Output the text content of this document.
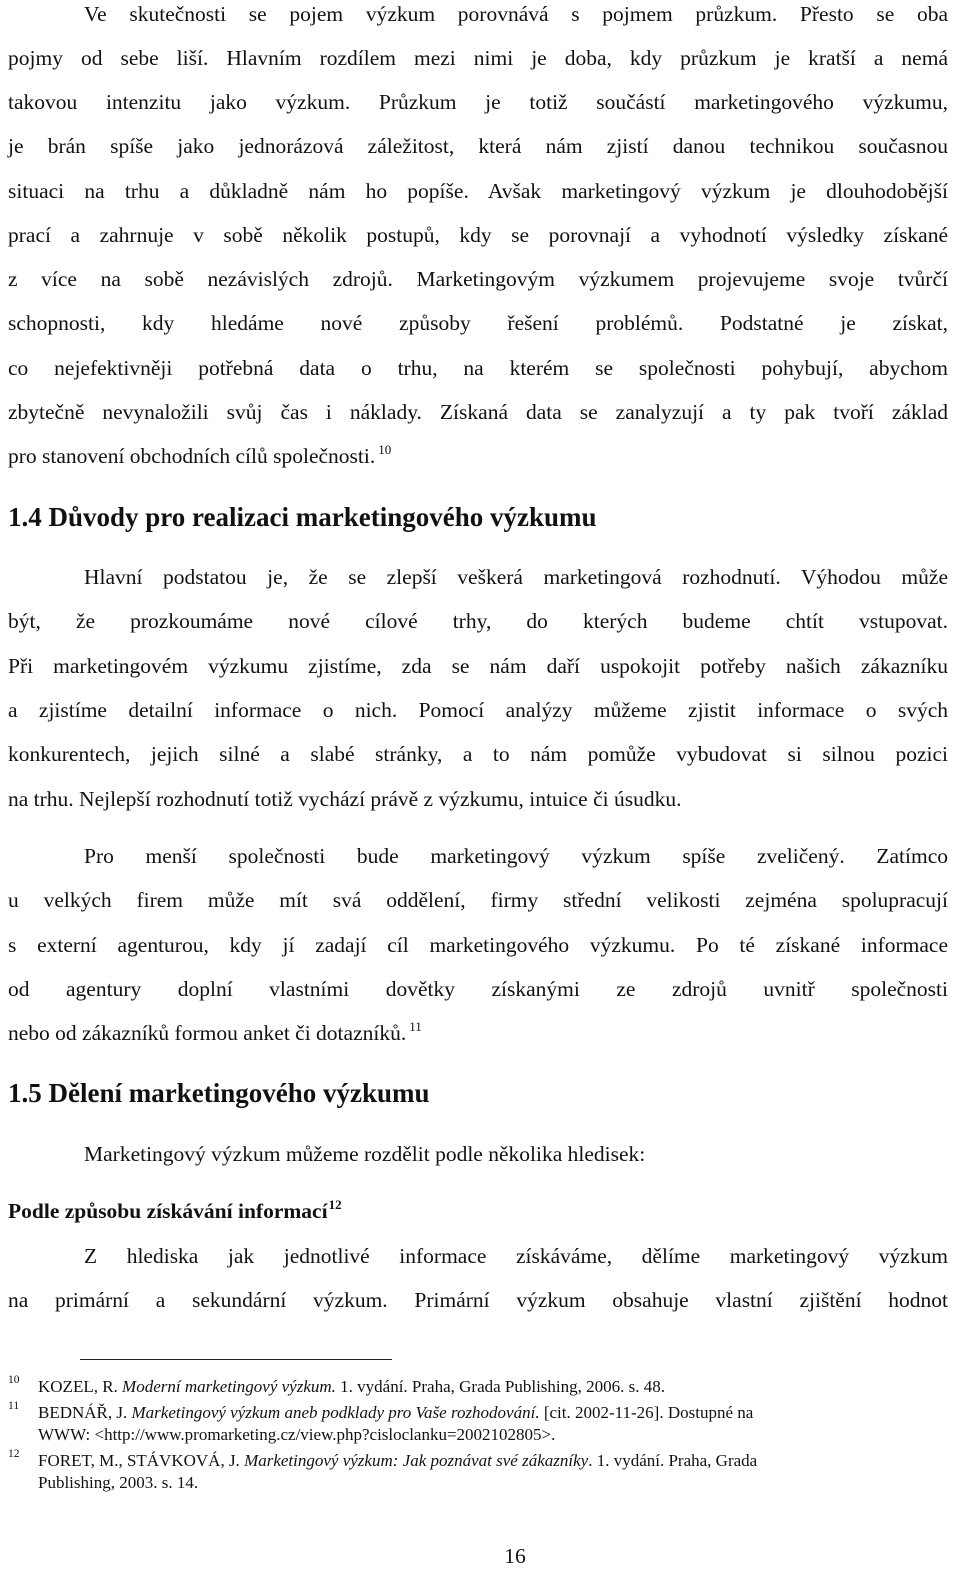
Ve skutečnosti se pojem výzkum porovnává s pojmem průzkum. Přesto se oba
pojmy od sebe liší. Hlavním rozdílem mezi nimi je doba, kdy průzkum je kratší a nemá
takovou intenzitu jako výzkum. Průzkum je totiž součástí marketingového výzkumu,
je brán spíše jako jednorázová záležitost, která nám zjistí danou technikou současnou
situaci na trhu a důkladně nám ho popíše. Avšak marketingový výzkum je dlouhodobější
prací a zahrnuje v sobě několik postupů, kdy se porovnají a vyhodnotí výsledky získané
z více na sobě nezávislých zdrojů. Marketingovým výzkumem projevujeme svoje tvůrčí
schopnosti, kdy hledáme nové způsoby řešení problémů. Podstatné je získat,
co nejefektivněji potřebná data o trhu, na kterém se společnosti pohybují, abychom
zbytečně nevynaložili svůj čas i náklady. Získaná data se zanalyzují a ty pak tvoří základ
pro stanovení obchodních cílů společnosti. $^{10}$
1.4 Důvody pro realizaci marketingového výzkumu
Hlavní podstatou je, že se zlepší veškerá marketingová rozhodnutí. Výhodou může
být, že prozkoumáme nové cílové trhy, do kterých budeme chtít vstupovat.
Při marketingovém výzkumu zjistíme, zda se nám daří uspokojit potřeby našich zákazníku
a zjistíme detailní informace o nich. Pomocí analýzy můžeme zjistit informace o svých
konkurentech, jejich silné a slabé stránky, a to nám pomůže vybudovat si silnou pozici
na trhu. Nejlepší rozhodnutí totiž vychází právě z výzkumu, intuice či úsudku.
Pro menší společnosti bude marketingový výzkum spíše zveličený. Zatímco
u velkých firem může mít svá oddělení, firmy střední velikosti zejména spolupracují
s externí agenturou, kdy jí zadají cíl marketingového výzkumu. Po té získané informace
od agentury doplní vlastními dovětky získanými ze zdrojů uvnitř společnosti
nebo od zákazníků formou anket či dotazníků. $^{11}$
1.5 Dělení marketingového výzkumu
Marketingový výzkum můžeme rozdělit podle několika hledisek:
Podle způsobu získávání informací$^{12}$
Z hlediska jak jednotlivé informace získáváme, dělíme marketingový výzkum
na primární a sekundární výzkum. Primární výzkum obsahuje vlastní zjištění hodnot
10 KOZEL, R. Moderní marketingový výzkum. 1. vydání. Praha, Grada Publishing, 2006. s. 48.
11 BEDNÁŘ, J. Marketingový výzkum aneb podklady pro Vaše rozhodování. [cit. 2002-11-26]. Dostupné na
WWW: <http://www.promarketing.cz/view.php?cisloclanku=2002102805>.
12 FORET, M., STÁVKOVÁ, J. Marketingový výzkum: Jak poznávat své zákazníky. 1. vydání. Praha, Grada
Publishing, 2003. s. 14.
16
